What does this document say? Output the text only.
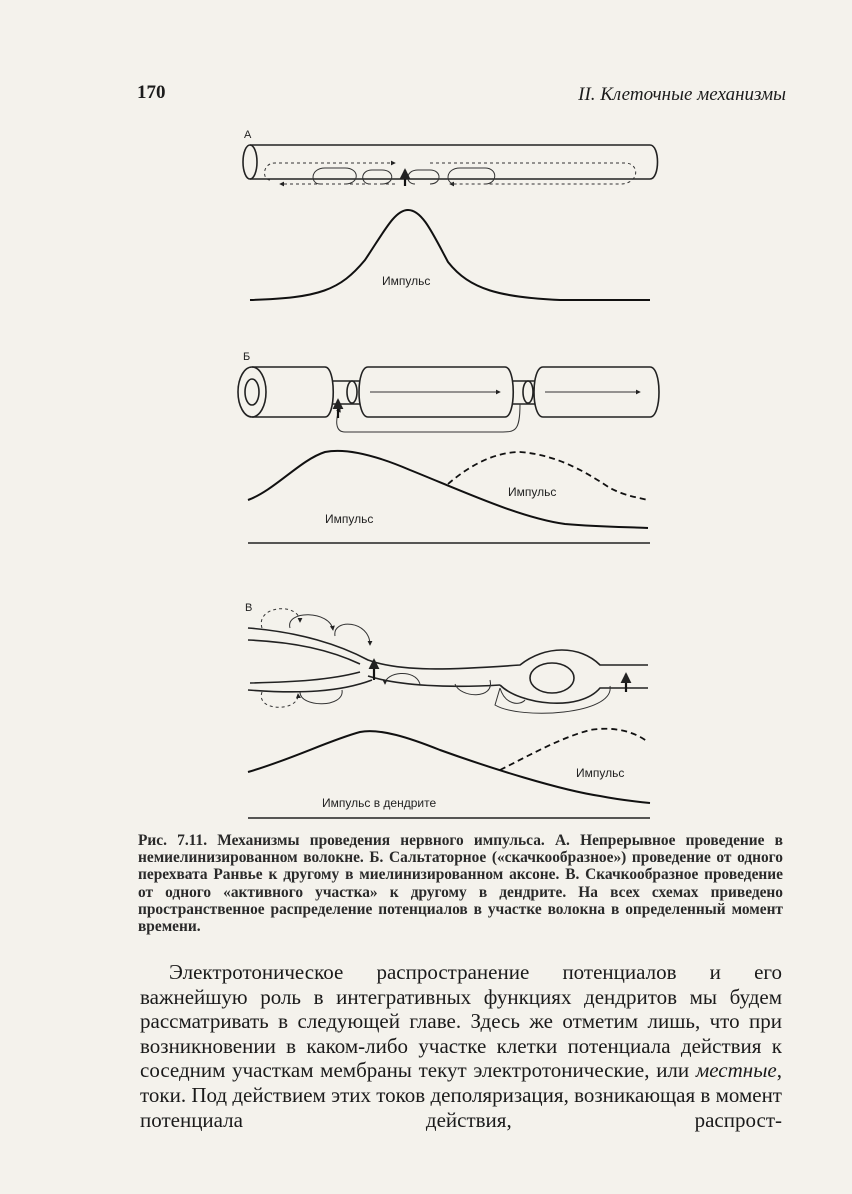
170	II. Клеточные механизмы
А
Импульс
Б
Импульс
Импульс
В
Импульс
Импульс в дендрите
Рис. 7.11. Механизмы проведения нервного импульса. А. Непрерывное проведение в немиелинизированном волокне. Б. Сальтаторное («скачкообразное») проведение от одного перехвата Ранвье к другому в миелинизированном аксоне. В. Скачкообразное проведение от одного «активного участка» к другому в дендрите. На всех схемах приведено пространственное распределение потенциалов в участке волокна в определенный момент времени.

Электротоническое распространение потенциалов и его важнейшую роль в интегративных функциях дендритов мы будем рассматривать в следующей главе. Здесь же отметим лишь, что при возникновении в каком-либо участке клетки потенциала действия к соседним участкам мембраны текут электротонические, или местные, токи. Под действием этих токов деполяризация, возникающая в момент потенциала действия, распрост-
